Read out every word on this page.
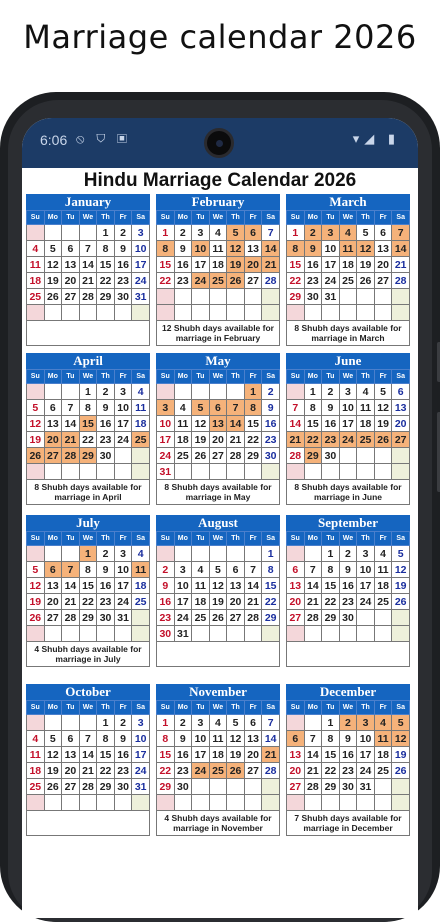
Marriage calendar 2026
6:06 ⦸ ⛉ ▣	▾◢ ▮
Hindu Marriage Calendar 2026
January
Su	Mo	Tu	We	Th	Fr	Sa
				1	2	3
4	5	6	7	8	9	10
11	12	13	14	15	16	17
18	19	20	21	22	23	24
25	26	27	28	29	30	31

February
Su	Mo	Tu	We	Th	Fr	Sa
1	2	3	4	5	6	7
8	9	10	11	12	13	14
15	16	17	18	19	20	21
22	23	24	25	26	27	28

12 Shubh days available for marriage in February
March
Su	Mo	Tu	We	Th	Fr	Sa
1	2	3	4	5	6	7
8	9	10	11	12	13	14
15	16	17	18	19	20	21
22	23	24	25	26	27	28
29	30	31				

8 Shubh days available for marriage in March
April
Su	Mo	Tu	We	Th	Fr	Sa
			1	2	3	4
5	6	7	8	9	10	11
12	13	14	15	16	17	18
19	20	21	22	23	24	25
26	27	28	29	30		

8 Shubh days available for marriage in April
May
Su	Mo	Tu	We	Th	Fr	Sa
					1	2
3	4	5	6	7	8	9
10	11	12	13	14	15	16
17	18	19	20	21	22	23
24	25	26	27	28	29	30
31						
8 Shubh days available for marriage in May
June
Su	Mo	Tu	We	Th	Fr	Sa
	1	2	3	4	5	6
7	8	9	10	11	12	13
14	15	16	17	18	19	20
21	22	23	24	25	26	27
28	29	30				

8 Shubh days available for marriage in June
July
Su	Mo	Tu	We	Th	Fr	Sa
			1	2	3	4
5	6	7	8	9	10	11
12	13	14	15	16	17	18
19	20	21	22	23	24	25
26	27	28	29	30	31	

4 Shubh days available for marriage in July
August
Su	Mo	Tu	We	Th	Fr	Sa
						1
2	3	4	5	6	7	8
9	10	11	12	13	14	15
16	17	18	19	20	21	22
23	24	25	26	27	28	29
30	31					
September
Su	Mo	Tu	We	Th	Fr	Sa
		1	2	3	4	5
6	7	8	9	10	11	12
13	14	15	16	17	18	19
20	21	22	23	24	25	26
27	28	29	30			

October
Su	Mo	Tu	We	Th	Fr	Sa
				1	2	3
4	5	6	7	8	9	10
11	12	13	14	15	16	17
18	19	20	21	22	23	24
25	26	27	28	29	30	31

November
Su	Mo	Tu	We	Th	Fr	Sa
1	2	3	4	5	6	7
8	9	10	11	12	13	14
15	16	17	18	19	20	21
22	23	24	25	26	27	28
29	30					

4 Shubh days available for marriage in November
December
Su	Mo	Tu	We	Th	Fr	Sa
		1	2	3	4	5
6	7	8	9	10	11	12
13	14	15	16	17	18	19
20	21	22	23	24	25	26
27	28	29	30	31		

7 Shubh days available for marriage in December
